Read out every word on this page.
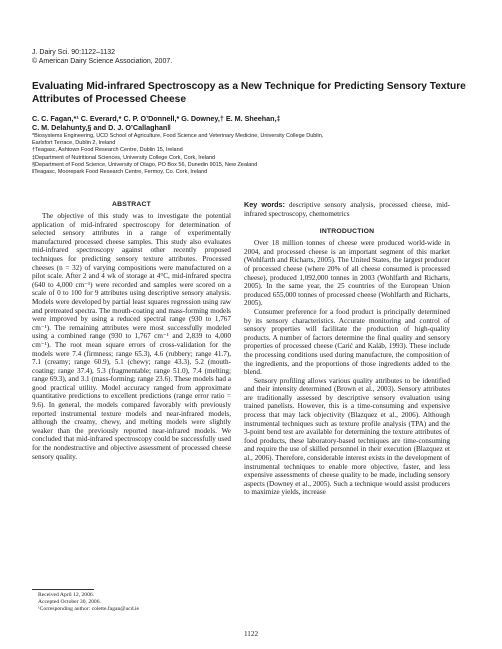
J. Dairy Sci. 90:1122–1132
© American Dairy Science Association, 2007.
Evaluating Mid-infrared Spectroscopy as a New Technique for Predicting Sensory Texture Attributes of Processed Cheese
C. C. Fagan,*¹ C. Everard,* C. P. O’Donnell,* G. Downey,† E. M. Sheehan,‡
C. M. Delahunty,§ and D. J. O’Callaghan‖
*Biosystems Engineering, UCD School of Agriculture, Food Science and Veterinary Medicine, University College Dublin,
Earlsfort Terrace, Dublin 2, Ireland
†Teagasc, Ashtown Food Research Centre, Dublin 15, Ireland
‡Department of Nutritional Sciences, University College Cork, Cork, Ireland
§Department of Food Science, University of Otago, PO Box 56, Dunedin 9015, New Zealand
‖Teagasc, Moorepark Food Research Centre, Fermoy, Co. Cork, Ireland
ABSTRACT

The objective of this study was to investigate the potential application of mid-infrared spectroscopy for determination of selected sensory attributes in a range of experimentally manufactured processed cheese samples. This study also evaluates mid-infrared spectroscopy against other recently proposed techniques for predicting sensory texture attributes. Processed cheeses (n = 32) of varying compositions were manufactured on a pilot scale. After 2 and 4 wk of storage at 4°C, mid-infrared spectra (640 to 4,000 cm⁻¹) were recorded and samples were scored on a scale of 0 to 100 for 9 attributes using descriptive sensory analysis. Models were developed by partial least squares regression using raw and pretreated spectra. The mouth-coating and mass-forming models were improved by using a reduced spectral range (930 to 1,767 cm⁻¹). The remaining attributes were most successfully modeled using a combined range (930 to 1,767 cm⁻¹ and 2,839 to 4,000 cm⁻¹). The root mean square errors of cross-validation for the models were 7.4 (firmness; range 65.3), 4.6 (rubbery; range 41.7), 7.1 (creamy; range 60.9), 5.1 (chewy; range 43.3), 5.2 (mouth-coating; range 37.4), 5.3 (fragmentable; range 51.0), 7.4 (melting; range 69.3), and 3.1 (mass-forming; range 23.6). These models had a good practical utility. Model accuracy ranged from approximate quantitative predictions to excellent predictions (range error ratio = 9.6). In general, the models compared favorably with previously reported instrumental texture models and near-infrared models, although the creamy, chewy, and melting models were slightly weaker than the previously reported near-infrared models. We concluded that mid-infrared spectroscopy could be successfully used for the nondestructive and objective assessment of processed cheese sensory quality.

Key words: descriptive sensory analysis, processed cheese, mid-infrared spectroscopy, chemometrics

INTRODUCTION

Over 18 million tonnes of cheese were produced world-wide in 2004, and processed cheese is an important segment of this market (Wohlfarth and Richarts, 2005). The United States, the largest producer of processed cheese (where 20% of all cheese consumed is processed cheese), produced 1,092,000 tonnes in 2003 (Wohlfarth and Richarts, 2005). In the same year, the 25 countries of the European Union produced 655,000 tonnes of processed cheese (Wohlfarth and Richarts, 2005).

Consumer preference for a food product is principally determined by its sensory characteristics. Accurate monitoring and control of sensory properties will facilitate the production of high-quality products. A number of factors determine the final quality and sensory properties of processed cheese (Carić and Kaláb, 1993). These include the processing conditions used during manufacture, the composition of the ingredients, and the proportions of those ingredients added to the blend.

Sensory profiling allows various quality attributes to be identified and their intensity determined (Brown et al., 2003). Sensory attributes are traditionally assessed by descriptive sensory evaluation using trained panelists. However, this is a time-consuming and expensive process that may lack objectivity (Blazquez et al., 2006). Although instrumental techniques such as texture profile analysis (TPA) and the 3-point bend test are available for determining the texture attributes of food products, these laboratory-based techniques are time-consuming and require the use of skilled personnel in their execution (Blazquez et al., 2006). Therefore, considerable interest exists in the development of instrumental techniques to enable more objective, faster, and less expensive assessments of cheese quality to be made, including sensory aspects (Downey et al., 2005). Such a technique would assist producers to maximize yields, increase

Received April 12, 2006.
Accepted October 30, 2006.
¹Corresponding author: colette.fagan@ucd.ie
1122
